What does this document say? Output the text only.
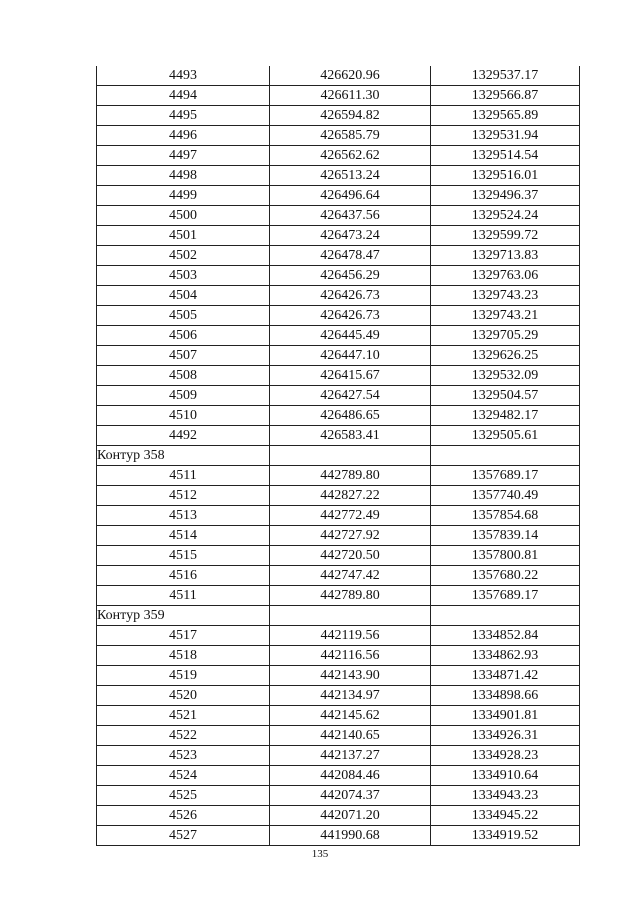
4493	426620.96	1329537.17
4494	426611.30	1329566.87
4495	426594.82	1329565.89
4496	426585.79	1329531.94
4497	426562.62	1329514.54
4498	426513.24	1329516.01
4499	426496.64	1329496.37
4500	426437.56	1329524.24
4501	426473.24	1329599.72
4502	426478.47	1329713.83
4503	426456.29	1329763.06
4504	426426.73	1329743.23
4505	426426.73	1329743.21
4506	426445.49	1329705.29
4507	426447.10	1329626.25
4508	426415.67	1329532.09
4509	426427.54	1329504.57
4510	426486.65	1329482.17
4492	426583.41	1329505.61
Контур 358		
4511	442789.80	1357689.17
4512	442827.22	1357740.49
4513	442772.49	1357854.68
4514	442727.92	1357839.14
4515	442720.50	1357800.81
4516	442747.42	1357680.22
4511	442789.80	1357689.17
Контур 359		
4517	442119.56	1334852.84
4518	442116.56	1334862.93
4519	442143.90	1334871.42
4520	442134.97	1334898.66
4521	442145.62	1334901.81
4522	442140.65	1334926.31
4523	442137.27	1334928.23
4524	442084.46	1334910.64
4525	442074.37	1334943.23
4526	442071.20	1334945.22
4527	441990.68	1334919.52
135
